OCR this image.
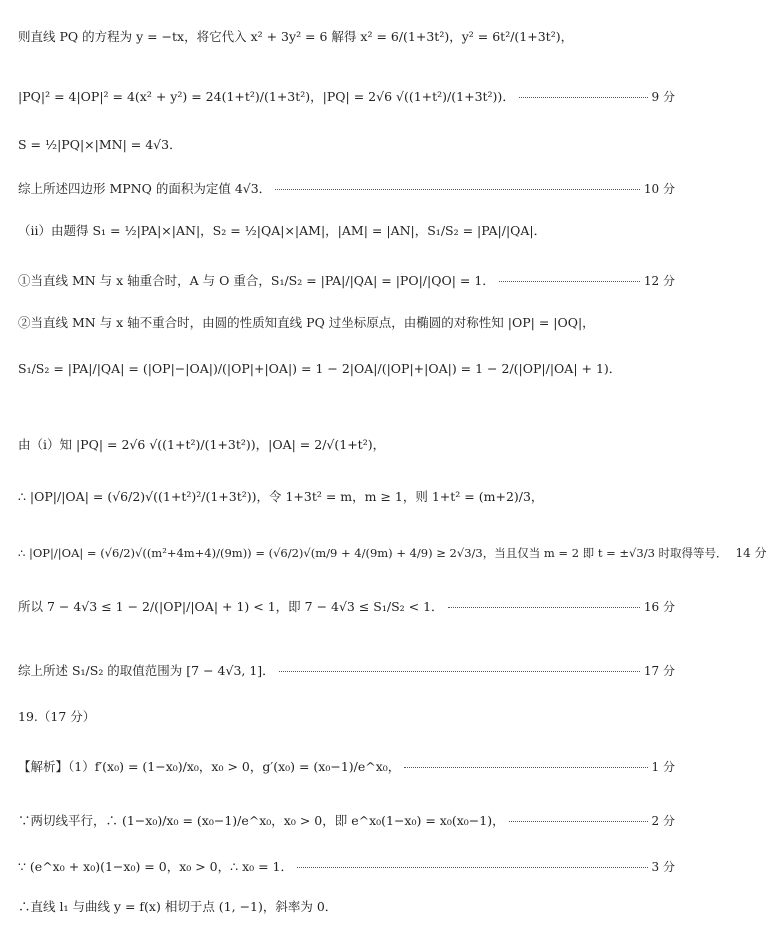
则直线 PQ 的方程为 y = −tx，将它代入 x² + 3y² = 6 解得 x² = 6/(1+3t²)，y² = 6t²/(1+3t²)，
|PQ|² = 4|OP|² = 4(x² + y²) = 24(1+t²)/(1+3t²)，|PQ| = 2√6 √((1+t²)/(1+3t²))．	9 分
S = ½|PQ|×|MN| = 4√3．
综上所述四边形 MPNQ 的面积为定值 4√3．	10 分
（ii）由题得 S₁ = ½|PA|×|AN|，S₂ = ½|QA|×|AM|，|AM| = |AN|，S₁/S₂ = |PA|/|QA|．
①当直线 MN 与 x 轴重合时，A 与 O 重合，S₁/S₂ = |PA|/|QA| = |PO|/|QO| = 1．	12 分
②当直线 MN 与 x 轴不重合时，由圆的性质知直线 PQ 过坐标原点，由椭圆的对称性知 |OP| = |OQ|，
S₁/S₂ = |PA|/|QA| = (|OP|−|OA|)/(|OP|+|OA|) = 1 − 2|OA|/(|OP|+|OA|) = 1 − 2/(|OP|/|OA| + 1)．
由（i）知 |PQ| = 2√6 √((1+t²)/(1+3t²))，|OA| = 2/√(1+t²)，
∴ |OP|/|OA| = (√6/2)√((1+t²)²/(1+3t²))，令 1+3t² = m，m ≥ 1，则 1+t² = (m+2)/3，
∴ |OP|/|OA| = (√6/2)√((m²+4m+4)/(9m)) = (√6/2)√(m/9 + 4/(9m) + 4/9) ≥ 2√3/3，当且仅当 m = 2 即 t = ±√3/3 时取得等号． 14 分
所以 7 − 4√3 ≤ 1 − 2/(|OP|/|OA| + 1) < 1，即 7 − 4√3 ≤ S₁/S₂ < 1．	16 分
综上所述 S₁/S₂ 的取值范围为 [7 − 4√3, 1]．	17 分
19.（17 分）
【解析】（1）f′(x₀) = (1−x₀)/x₀，x₀ > 0，g′(x₀) = (x₀−1)/e^x₀，	1 分
∵两切线平行，∴ (1−x₀)/x₀ = (x₀−1)/e^x₀，x₀ > 0，即 e^x₀(1−x₀) = x₀(x₀−1)，	2 分
∵ (e^x₀ + x₀)(1−x₀) = 0，x₀ > 0，∴ x₀ = 1．	3 分
∴直线 l₁ 与曲线 y = f(x) 相切于点 (1, −1)，斜率为 0．
